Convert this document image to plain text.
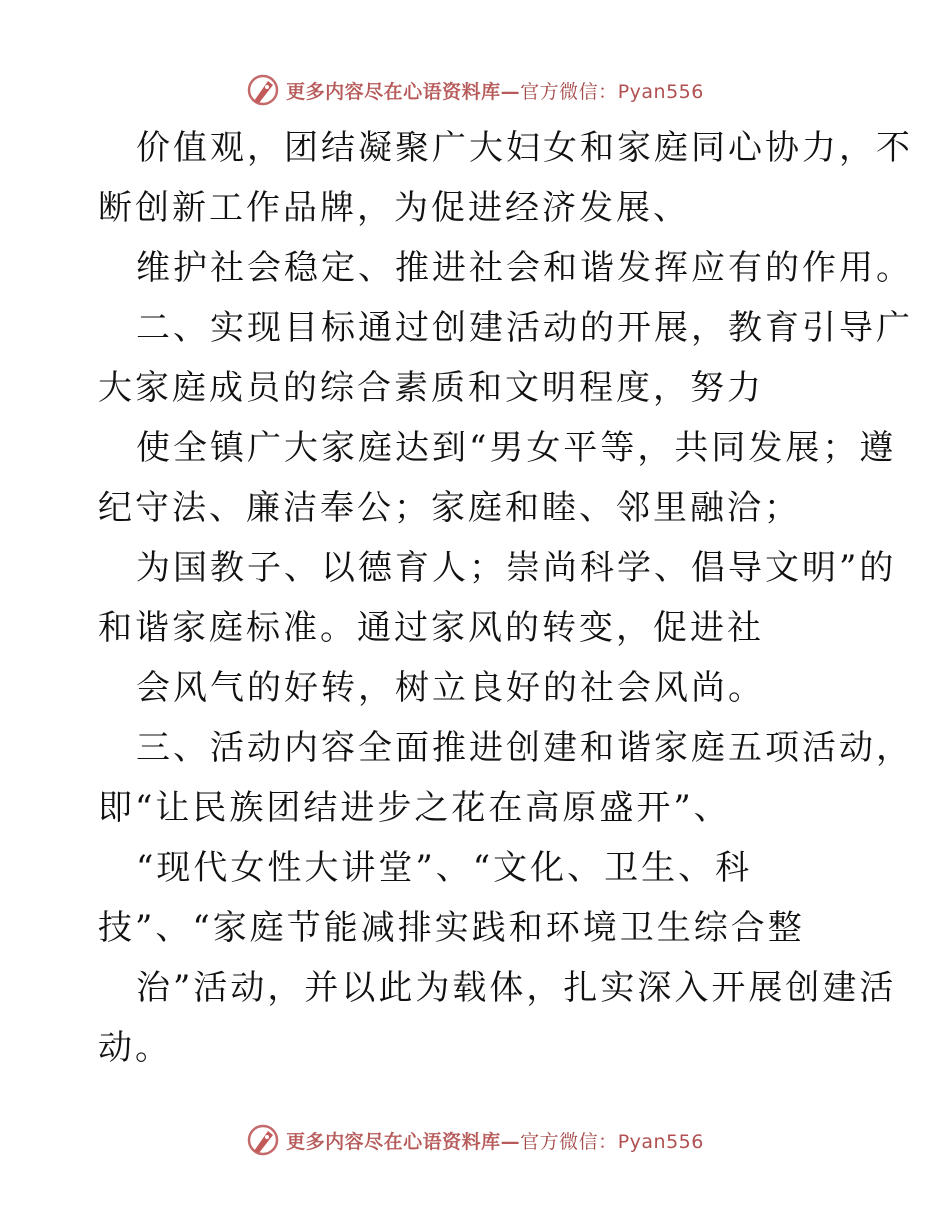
更多内容尽在心语资料库—官方微信：Pyan556
价值观，团结凝聚广大妇女和家庭同心协力，不
断创新工作品牌，为促进经济发展、
维护社会稳定、推进社会和谐发挥应有的作用。
二、实现目标通过创建活动的开展，教育引导广
大家庭成员的综合素质和文明程度，努力
使全镇广大家庭达到“男女平等，共同发展；遵
纪守法、廉洁奉公；家庭和睦、邻里融洽；
为国教子、以德育人；崇尚科学、倡导文明”的
和谐家庭标准。通过家风的转变，促进社
会风气的好转，树立良好的社会风尚。
三、活动内容全面推进创建和谐家庭五项活动，
即“让民族团结进步之花在高原盛开”、
“现代女性大讲堂”、“文化、卫生、科
技”、“家庭节能减排实践和环境卫生综合整
治”活动，并以此为载体，扎实深入开展创建活
动。
更多内容尽在心语资料库—官方微信：Pyan556
